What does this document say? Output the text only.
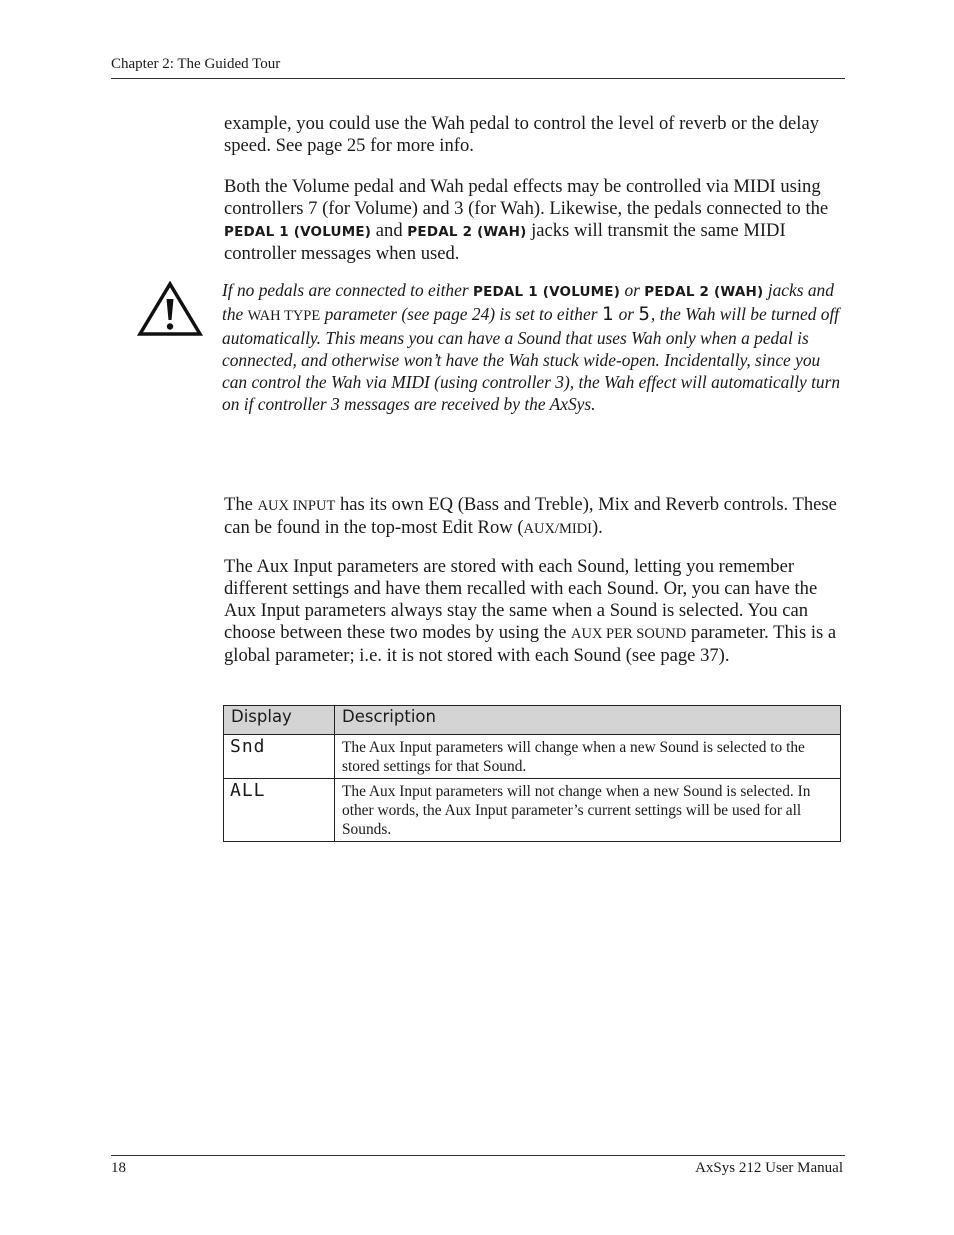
Chapter 2: The Guided Tour

example, you could use the Wah pedal to control the level of reverb or the delay speed. See page 25 for more info.

Both the Volume pedal and Wah pedal effects may be controlled via MIDI using controllers 7 (for Volume) and 3 (for Wah). Likewise, the pedals connected to the PEDAL 1 (VOLUME) and PEDAL 2 (WAH) jacks will transmit the same MIDI controller messages when used.

If no pedals are connected to either PEDAL 1 (VOLUME) or PEDAL 2 (WAH) jacks and the WAH TYPE parameter (see page 24) is set to either 1 or 5, the Wah will be turned off automatically. This means you can have a Sound that uses Wah only when a pedal is connected, and otherwise won’t have the Wah stuck wide-open. Incidentally, since you can control the Wah via MIDI (using controller 3), the Wah effect will automatically turn on if controller 3 messages are received by the AxSys.

The AUX INPUT has its own EQ (Bass and Treble), Mix and Reverb controls. These can be found in the top-most Edit Row (AUX/MIDI).

The Aux Input parameters are stored with each Sound, letting you remember different settings and have them recalled with each Sound. Or, you can have the Aux Input parameters always stay the same when a Sound is selected. You can choose between these two modes by using the AUX PER SOUND parameter. This is a global parameter; i.e. it is not stored with each Sound (see page 37).

Display	Description
Snd	The Aux Input parameters will change when a new Sound is selected to the stored settings for that Sound.
ALL	The Aux Input parameters will not change when a new Sound is selected. In other words, the Aux Input parameter’s current settings will be used for all Sounds.
18	AxSys 212 User Manual
